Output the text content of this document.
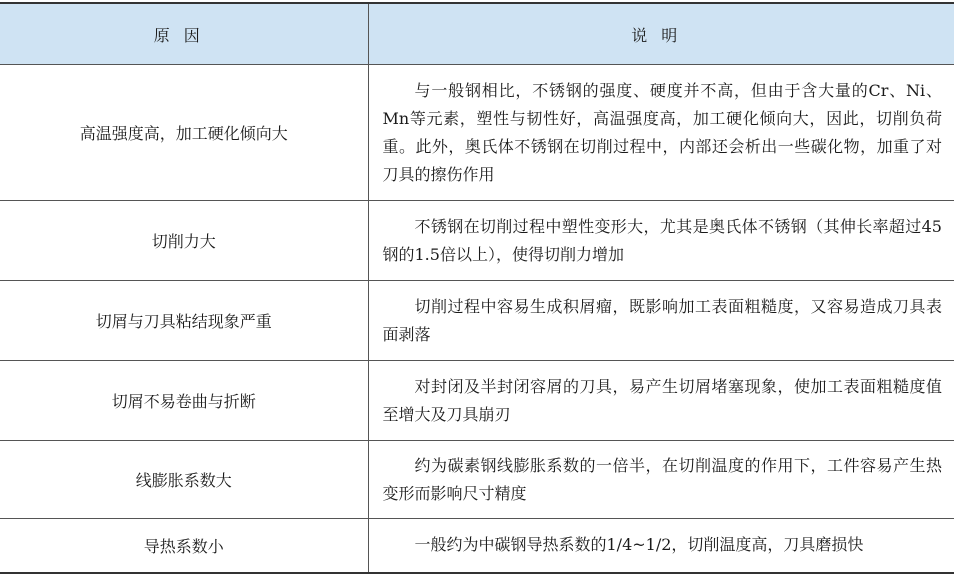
原因	说明
高温强度高，加工硬化倾向大	与一般钢相比，不锈钢的强度、硬度并不高，但由于含大量的Cr、Ni、Mn等元素，塑性与韧性好，高温强度高，加工硬化倾向大，因此，切削负荷重。此外，奥氏体不锈钢在切削过程中，内部还会析出一些碳化物，加重了对刀具的擦伤作用
切削力大	不锈钢在切削过程中塑性变形大，尤其是奥氏体不锈钢（其伸长率超过45钢的1.5倍以上），使得切削力增加
切屑与刀具粘结现象严重	切削过程中容易生成积屑瘤，既影响加工表面粗糙度，又容易造成刀具表面剥落
切屑不易卷曲与折断	对封闭及半封闭容屑的刀具，易产生切屑堵塞现象，使加工表面粗糙度值至增大及刀具崩刃
线膨胀系数大	约为碳素钢线膨胀系数的一倍半，在切削温度的作用下，工件容易产生热变形而影响尺寸精度
导热系数小	一般约为中碳钢导热系数的1/4~1/2，切削温度高，刀具磨损快
